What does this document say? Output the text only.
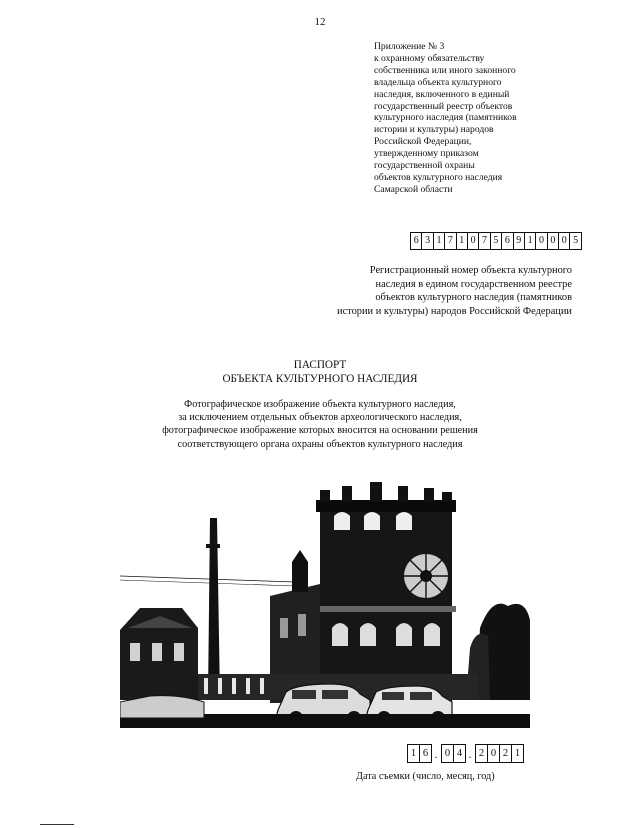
12
Приложение № 3
к охранному обязательству
собственника или иного законного
владельца объекта культурного
наследия, включенного в единый
государственный реестр объектов
культурного наследия (памятников
истории и культуры) народов
Российской Федерации,
утвержденному приказом
государственной охраны
объектов культурного наследия
Самарской области
6 3 1 7 1 0 7 5 6 9 1 0 0 0 5
Регистрационный номер объекта культурного
наследия в едином государственном реестре
объектов культурного наследия (памятников
истории и культуры) народов Российской Федерации
ПАСПОРТ
ОБЪЕКТА КУЛЬТУРНОГО НАСЛЕДИЯ
Фотографическое изображение объекта культурного наследия,
за исключением отдельных объектов археологического наследия,
фотографическое изображение которых вносится на основании решения
соответствующего органа охраны объектов культурного наследия
1 6 . 0 4 . 2 0 2 1
Дата съемки (число, месяц, год)
